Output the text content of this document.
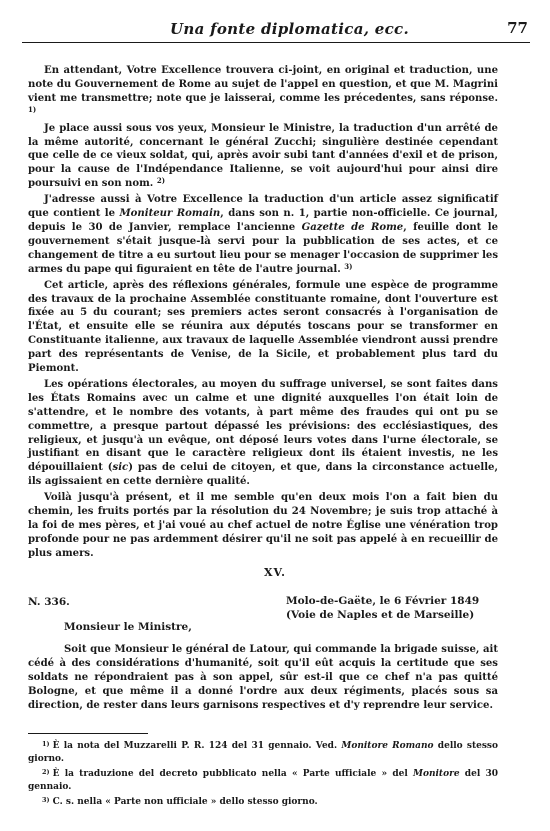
Una fonte diplomatica, ecc.	77

En attendant, Votre Excellence trouvera ci-joint, en original et traduction, une note du Gouvernement de Rome au sujet de l'appel en question, et que M. Magrini vient me transmettre; note que je laisserai, comme les précedentes, sans réponse. $^{1)}$

Je place aussi sous vos yeux, Monsieur le Ministre, la traduction d'un arrêté de la même autorité, concernant le général Zucchi; singulière destinée cependant que celle de ce vieux soldat, qui, après avoir subi tant d'années d'exil et de prison, pour la cause de l'Indépendance Italienne, se voit aujourd'hui pour ainsi dire poursuivi en son nom. $^{2)}$

J'adresse aussi à Votre Excellence la traduction d'un article assez significatif que contient le Moniteur Romain, dans son n. 1, partie non-officielle. Ce journal, depuis le 30 de Janvier, remplace l'ancienne Gazette de Rome, feuille dont le gouvernement s'était jusque-là servi pour la pubblication de ses actes, et ce changement de titre a eu surtout lieu pour se menager l'occasion de supprimer les armes du pape qui figuraient en tête de l'autre journal. $^{3)}$

Cet article, après des réflexions générales, formule une espèce de programme des travaux de la prochaine Assemblée constituante romaine, dont l'ouverture est fixée au 5 du courant; ses premiers actes seront consacrés à l'organisation de l'État, et ensuite elle se réunira aux députés toscans pour se transformer en Constituante italienne, aux travaux de laquelle Assemblée viendront aussi prendre part des représentants de Venise, de la Sicile, et probablement plus tard du Piemont.

Les opérations électorales, au moyen du suffrage universel, se sont faites dans les États Romains avec un calme et une dignité auxquelles l'on était loin de s'attendre, et le nombre des votants, à part même des fraudes qui ont pu se commettre, a presque partout dépassé les prévisions: des ecclésiastiques, des religieux, et jusqu'à un evêque, ont déposé leurs votes dans l'urne électorale, se justifiant en disant que le caractère religieux dont ils étaient investis, ne les dépouillaient (sic) pas de celui de citoyen, et que, dans la circonstance actuelle, ils agissaient en cette dernière qualité.

Voilà jusqu'à présent, et il me semble qu'en deux mois l'on a fait bien du chemin, les fruits portés par la résolution du 24 Novembre; je suis trop attaché à la foi de mes pères, et j'ai voué au chef actuel de notre Église une vénération trop profonde pour ne pas ardemment désirer qu'il ne soit pas appelé à en recueillir de plus amers.

XV.
N. 336.	Molo-de-Gaëte, le 6 Février 1849
(Voie de Naples et de Marseille)
Monsieur le Ministre,

Soit que Monsieur le général de Latour, qui commande la brigade suisse, ait cédé à des considérations d'humanité, soit qu'il eût acquis la certitude que ses soldats ne répondraient pas à son appel, sûr est-il que ce chef n'a pas quitté Bologne, et que même il a donné l'ordre aux deux régiments, placés sous sa direction, de rester dans leurs garnisons respectives et d'y reprendre leur service.

$^{1)}$ È la nota del Muzzarelli P. R. 124 del 31 gennaio. Ved. Monitore Romano dello stesso giorno.

$^{2)}$ È la traduzione del decreto pubblicato nella « Parte ufficiale » del Monitore del 30 gennaio.

$^{3)}$ C. s. nella « Parte non ufficiale » dello stesso giorno.
